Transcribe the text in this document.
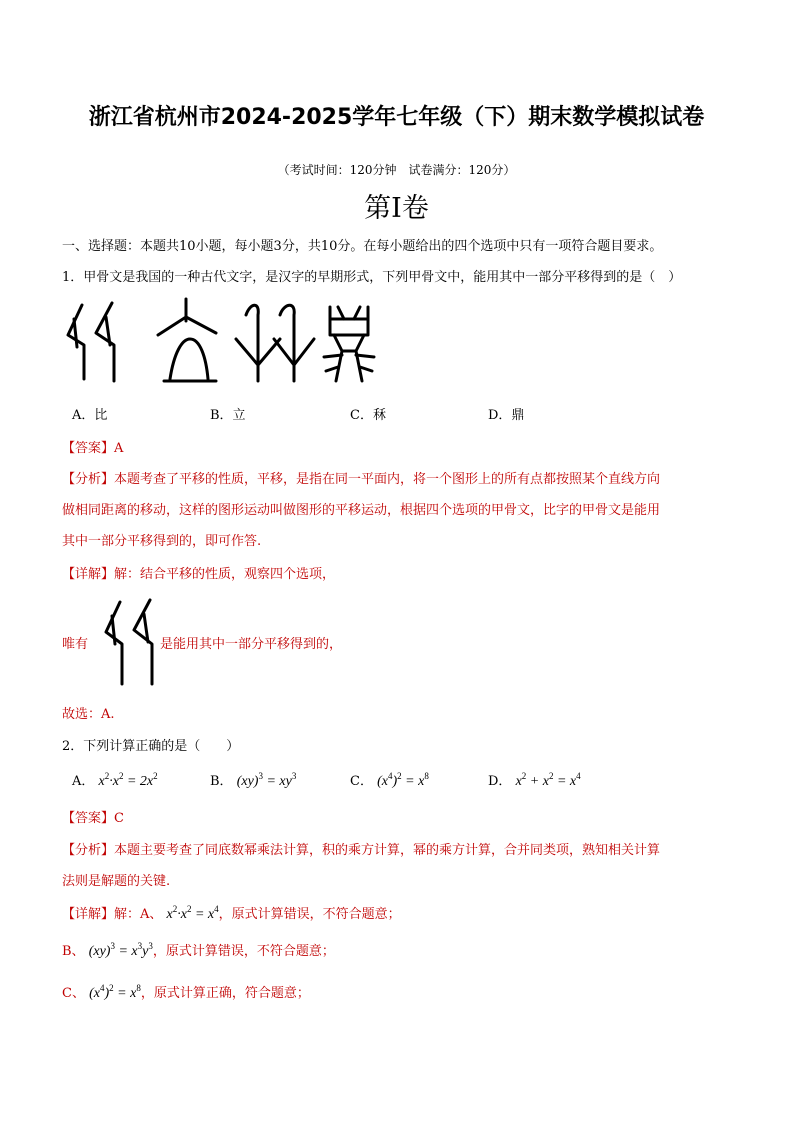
浙江省杭州市2024-2025学年七年级（下）期末数学模拟试卷
（考试时间：120分钟　试卷满分：120分）
第Ⅰ卷
一、选择题：本题共10小题，每小题3分，共10分。在每小题给出的四个选项中只有一项符合题目要求。
1．甲骨文是我国的一种古代文字，是汉字的早期形式，下列甲骨文中，能用其中一部分平移得到的是（　）
A．比	B．立	C．秝	D．鼎
【答案】A
【分析】本题考查了平移的性质，平移，是指在同一平面内，将一个图形上的所有点都按照某个直线方向
做相同距离的移动，这样的图形运动叫做图形的平移运动，根据四个选项的甲骨文，比字的甲骨文是能用
其中一部分平移得到的，即可作答.
【详解】解：结合平移的性质，观察四个选项，
唯有	是能用其中一部分平移得到的，
故选：A.
2．下列计算正确的是（　　）
A． $x^2\cdot x^2 = 2x^2$	B． $(xy)^3 = xy^3$	C． $(x^4)^2 = x^8$	D． $x^2 + x^2 = x^4$
【答案】C
【分析】本题主要考查了同底数幂乘法计算，积的乘方计算，幂的乘方计算，合并同类项，熟知相关计算
法则是解题的关键.
【详解】解：A、 $x^2\cdot x^2 = x^4$，原式计算错误，不符合题意；
B、 $(xy)^3 = x^3y^3$，原式计算错误，不符合题意；
C、 $(x^4)^2 = x^8$，原式计算正确，符合题意；
